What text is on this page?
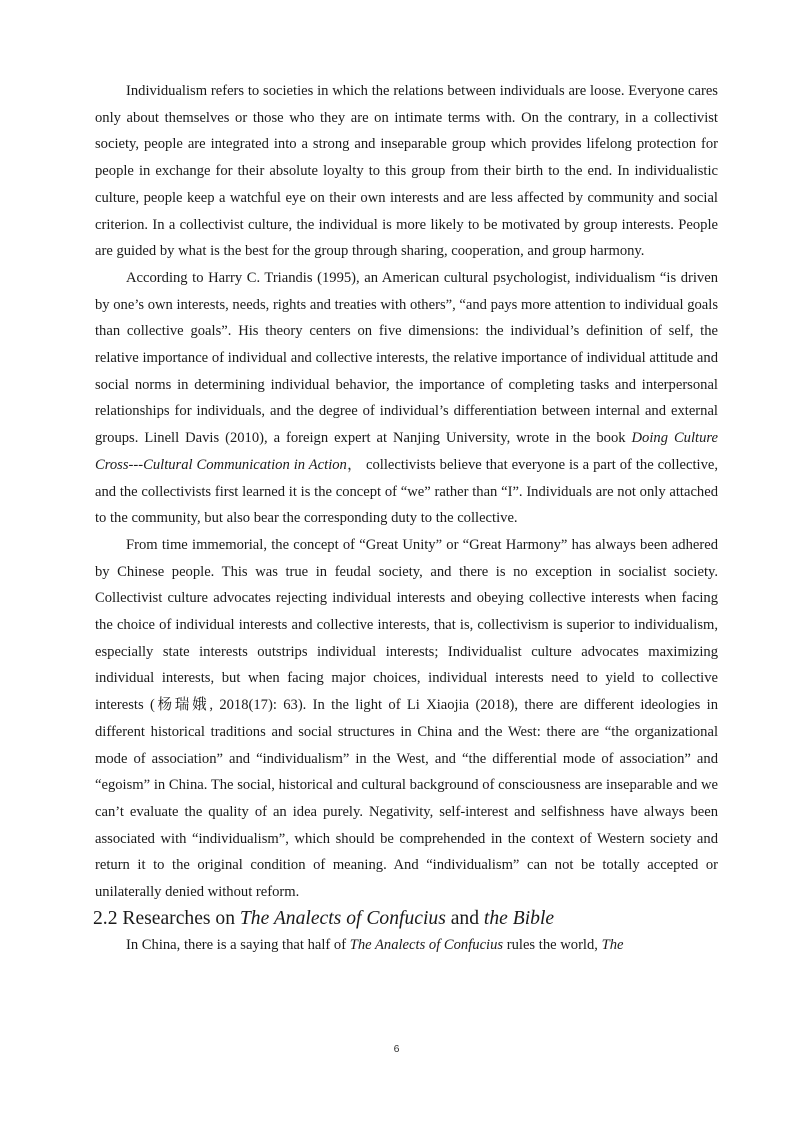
Individualism refers to societies in which the relations between individuals are loose. Everyone cares only about themselves or those who they are on intimate terms with. On the contrary, in a collectivist society, people are integrated into a strong and inseparable group which provides lifelong protection for people in exchange for their absolute loyalty to this group from their birth to the end. In individualistic culture, people keep a watchful eye on their own interests and are less affected by community and social criterion. In a collectivist culture, the individual is more likely to be motivated by group interests. People are guided by what is the best for the group through sharing, cooperation, and group harmony.

According to Harry C. Triandis (1995), an American cultural psychologist, individualism “is driven by one’s own interests, needs, rights and treaties with others”, “and pays more attention to individual goals than collective goals”. His theory centers on five dimensions: the individual’s definition of self, the relative importance of individual and collective interests, the relative importance of individual attitude and social norms in determining individual behavior, the importance of completing tasks and interpersonal relationships for individuals, and the degree of individual’s differentiation between internal and external groups. Linell Davis (2010), a foreign expert at Nanjing University, wrote in the book Doing Culture Cross---Cultural Communication in Action， collectivists believe that everyone is a part of the collective, and the collectivists first learned it is the concept of “we” rather than “I”. Individuals are not only attached to the community, but also bear the corresponding duty to the collective.

From time immemorial, the concept of “Great Unity” or “Great Harmony” has always been adhered by Chinese people. This was true in feudal society, and there is no exception in socialist society. Collectivist culture advocates rejecting individual interests and obeying collective interests when facing the choice of individual interests and collective interests, that is, collectivism is superior to individualism, especially state interests outstrips individual interests; Individualist culture advocates maximizing individual interests, but when facing major choices, individual interests need to yield to collective interests (杨瑞娥, 2018(17): 63). In the light of Li Xiaojia (2018), there are different ideologies in different historical traditions and social structures in China and the West: there are “the organizational mode of association” and “individualism” in the West, and “the differential mode of association” and “egoism” in China. The social, historical and cultural background of consciousness are inseparable and we can’t evaluate the quality of an idea purely. Negativity, self-interest and selfishness have always been associated with “individualism”, which should be comprehended in the context of Western society and return it to the original condition of meaning. And “individualism” can not be totally accepted or unilaterally denied without reform.

2.2 Researches on The Analects of Confucius and the Bible

In China, there is a saying that half of The Analects of Confucius rules the world, The

6
